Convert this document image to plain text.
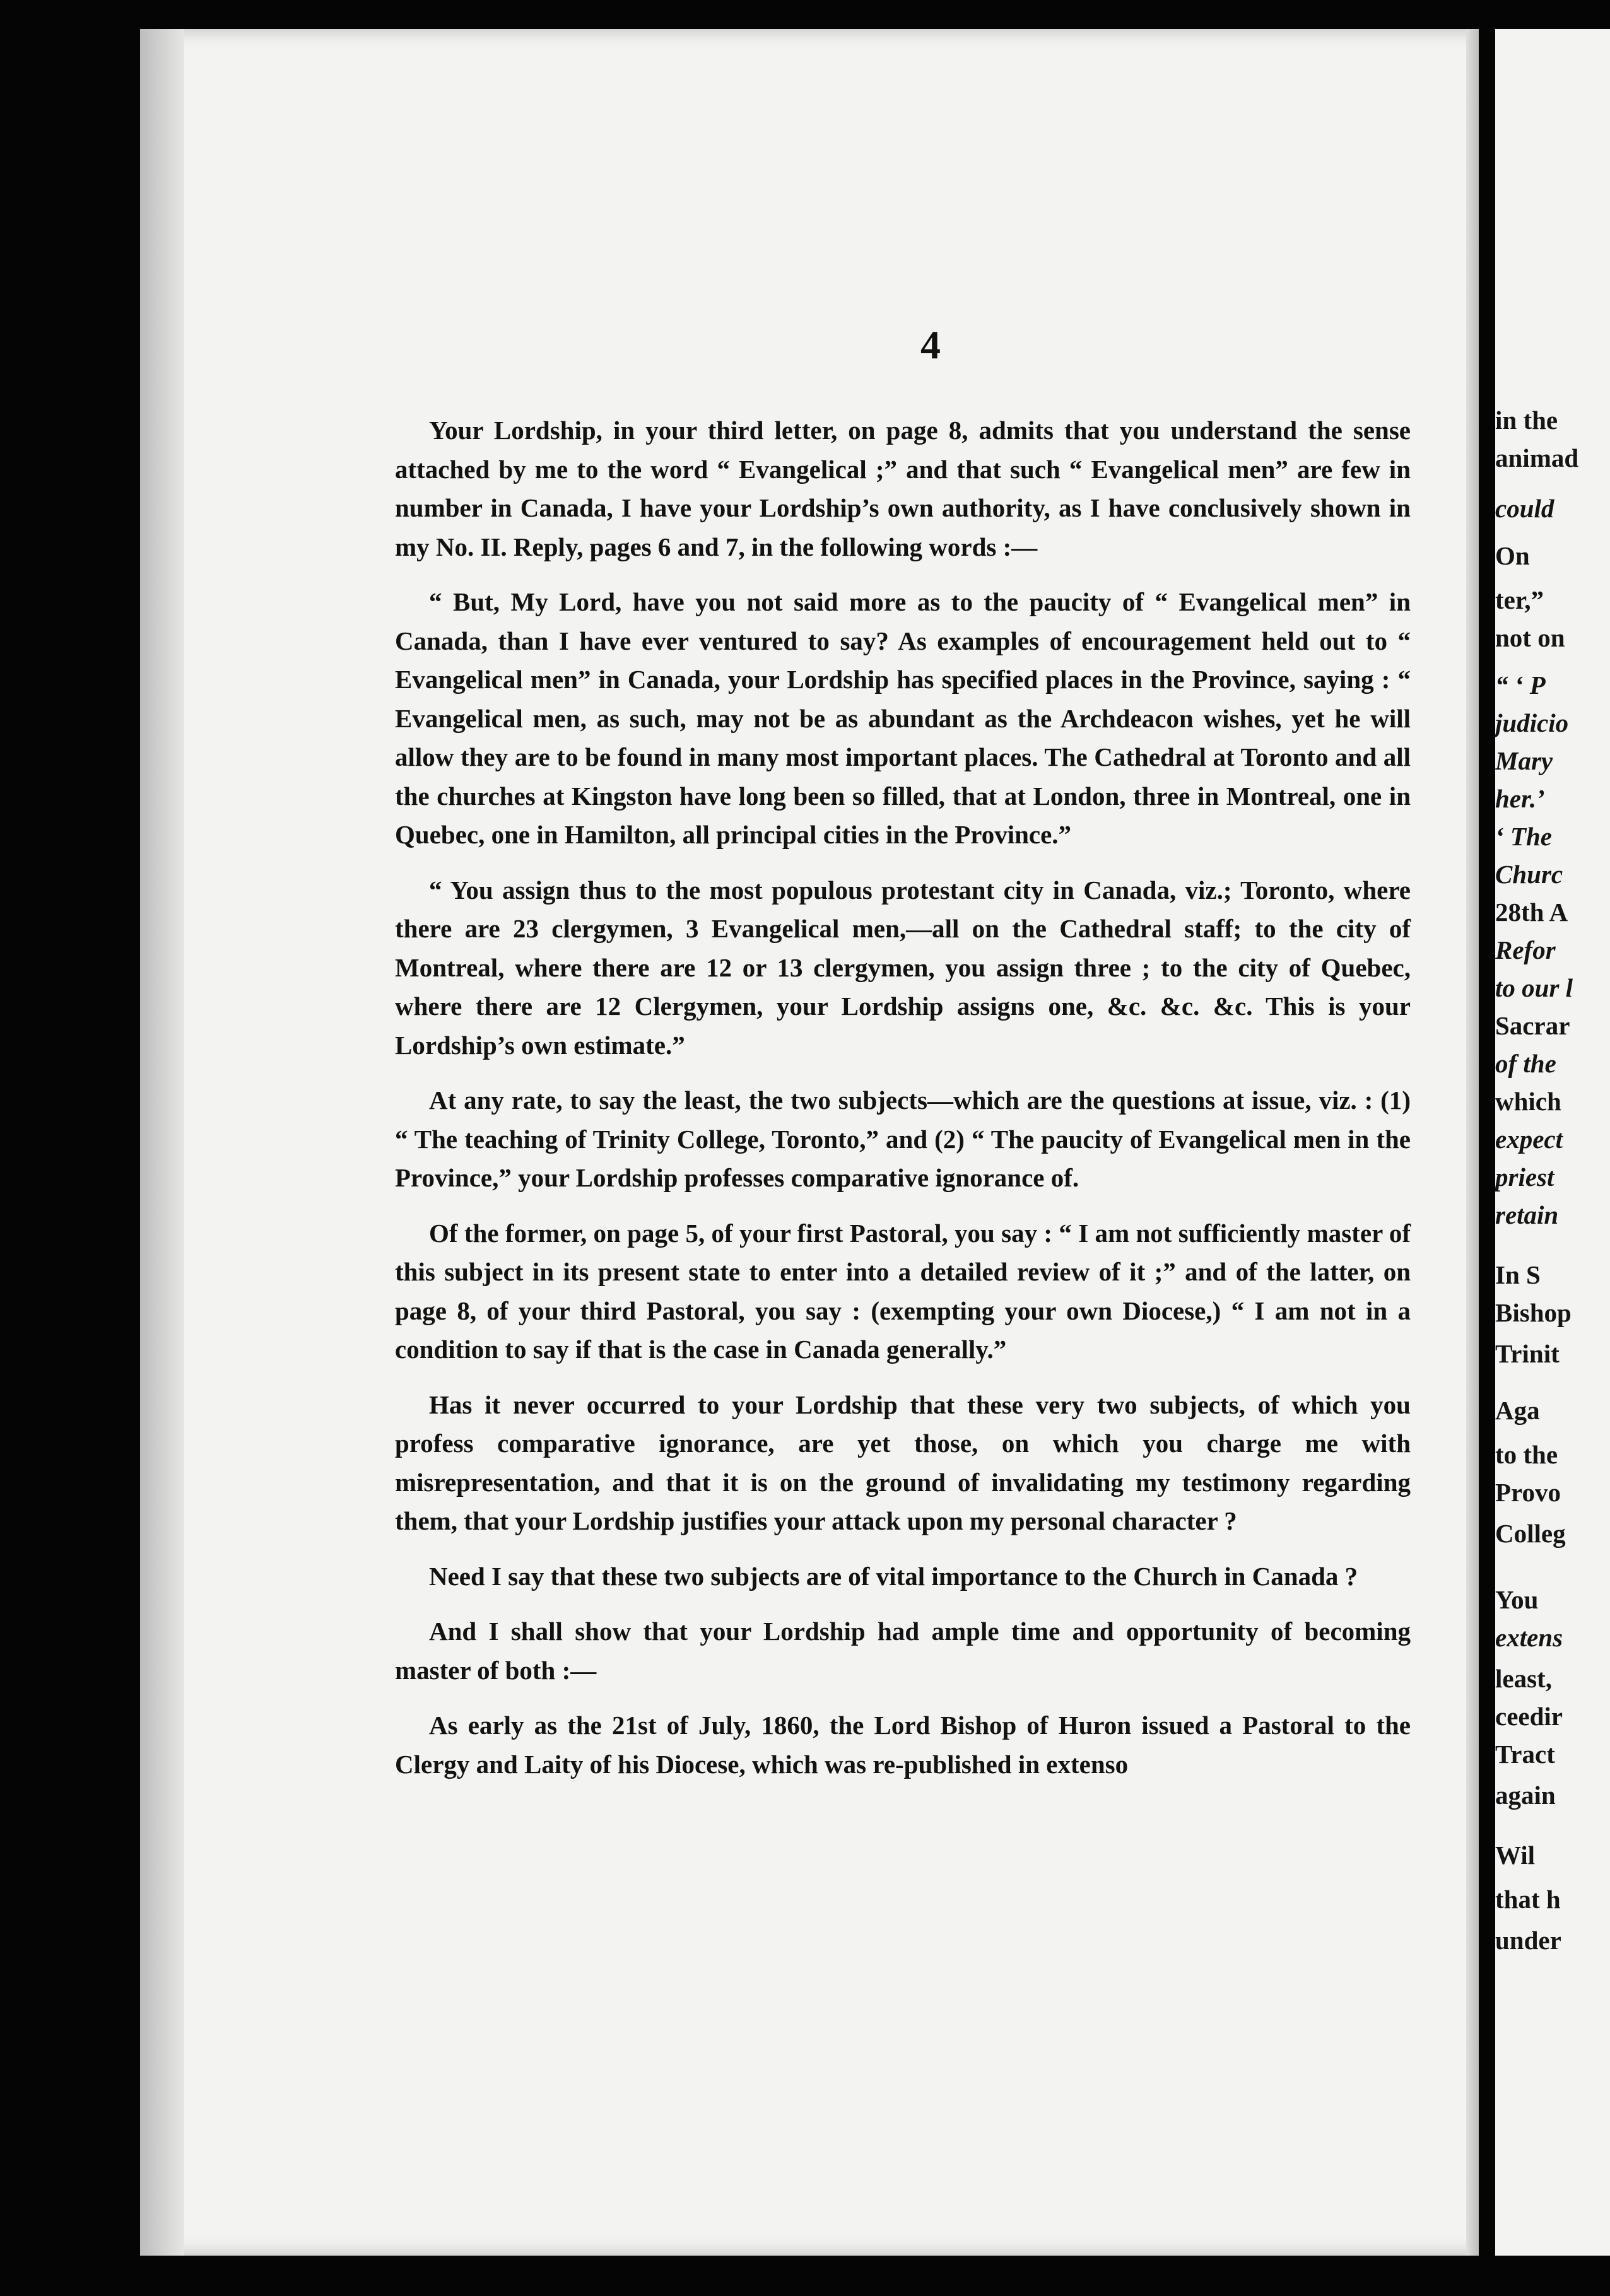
4

Your Lordship, in your third letter, on page 8, admits that you understand the sense attached by me to the word “ Evangelical ;” and that such “ Evangelical men” are few in number in Canada, I have your Lordship’s own authority, as I have conclusively shown in my No. II. Reply, pages 6 and 7, in the following words :—

“ But, My Lord, have you not said more as to the paucity of “ Evangelical men” in Canada, than I have ever ventured to say? As examples of encouragement held out to “ Evangelical men” in Canada, your Lordship has specified places in the Province, saying : “ Evangelical men, as such, may not be as abundant as the Archdeacon wishes, yet he will allow they are to be found in many most important places. The Cathedral at Toronto and all the churches at Kingston have long been so filled, that at London, three in Montreal, one in Quebec, one in Hamilton, all principal cities in the Province.”

“ You assign thus to the most populous protestant city in Canada, viz.; Toronto, where there are 23 clergymen, 3 Evangelical men,—all on the Cathedral staff; to the city of Montreal, where there are 12 or 13 clergymen, you assign three ; to the city of Quebec, where there are 12 Clergymen, your Lordship assigns one, &c. &c. &c. This is your Lordship’s own estimate.”

At any rate, to say the least, the two subjects—which are the questions at issue, viz. : (1) “ The teaching of Trinity College, Toronto,” and (2) “ The paucity of Evangelical men in the Province,” your Lordship professes comparative ignorance of.

Of the former, on page 5, of your first Pastoral, you say : “ I am not sufficiently master of this subject in its present state to enter into a detailed review of it ;” and of the latter, on page 8, of your third Pastoral, you say : (exempting your own Diocese,) “ I am not in a condition to say if that is the case in Canada generally.”

Has it never occurred to your Lordship that these very two subjects, of which you profess comparative ignorance, are yet those, on which you charge me with misrepresentation, and that it is on the ground of invalidating my testimony regarding them, that your Lordship justifies your attack upon my personal character ?

Need I say that these two subjects are of vital importance to the Church in Canada ?

And I shall show that your Lordship had ample time and opportunity of becoming master of both :—

As early as the 21st of July, 1860, the Lord Bishop of Huron issued a Pastoral to the Clergy and Laity of his Diocese, which was re-published in extenso

in the
animad
could
On
ter,”
not on
“ ‘ P
judicio
Mary
her.’
‘ The
Churc
28th A
Refor
to our l
Sacrar
of the
which
expect
priest
retain
In S
Bishop
Trinit
Aga
to the
Provo
Colleg
You
extens
least,
ceedir
Tract
again
Wil
that h
under
